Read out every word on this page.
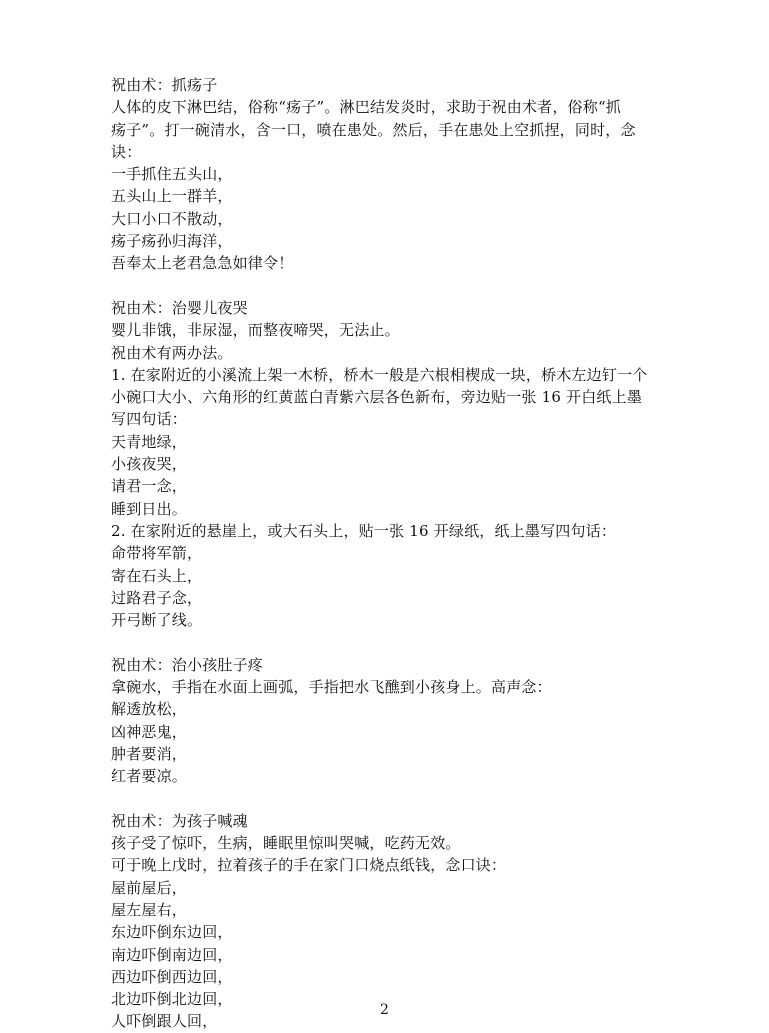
祝由术：抓疡子
人体的皮下淋巴结，俗称“疡子”。淋巴结发炎时，求助于祝由术者，俗称“抓
疡子”。打一碗清水，含一口，喷在患处。然后，手在患处上空抓捏，同时，念
诀：
一手抓住五头山，
五头山上一群羊，
大口小口不散动，
疡子疡孙归海洋，
吾奉太上老君急急如律令！
祝由术：治婴儿夜哭
婴儿非饿，非尿湿，而整夜啼哭，无法止。
祝由术有两办法。
1. 在家附近的小溪流上架一木桥，桥木一般是六根相楔成一块，桥木左边钉一个
小碗口大小、六角形的红黄蓝白青紫六层各色新布，旁边贴一张 16 开白纸上墨
写四句话：
天青地绿，
小孩夜哭，
请君一念，
睡到日出。
2. 在家附近的悬崖上，或大石头上，贴一张 16 开绿纸，纸上墨写四句话：
命带将军箭，
寄在石头上，
过路君子念，
开弓断了线。
祝由术：治小孩肚子疼
拿碗水，手指在水面上画弧，手指把水飞醮到小孩身上。高声念：
解透放松，
凶神恶鬼，
肿者要消，
红者要凉。
祝由术：为孩子喊魂
孩子受了惊吓，生病，睡眠里惊叫哭喊，吃药无效。
可于晚上戊时，拉着孩子的手在家门口烧点纸钱，念口诀：
屋前屋后，
屋左屋右，
东边吓倒东边回，
南边吓倒南边回，
西边吓倒西边回，
北边吓倒北边回，
人吓倒跟人回，
2
